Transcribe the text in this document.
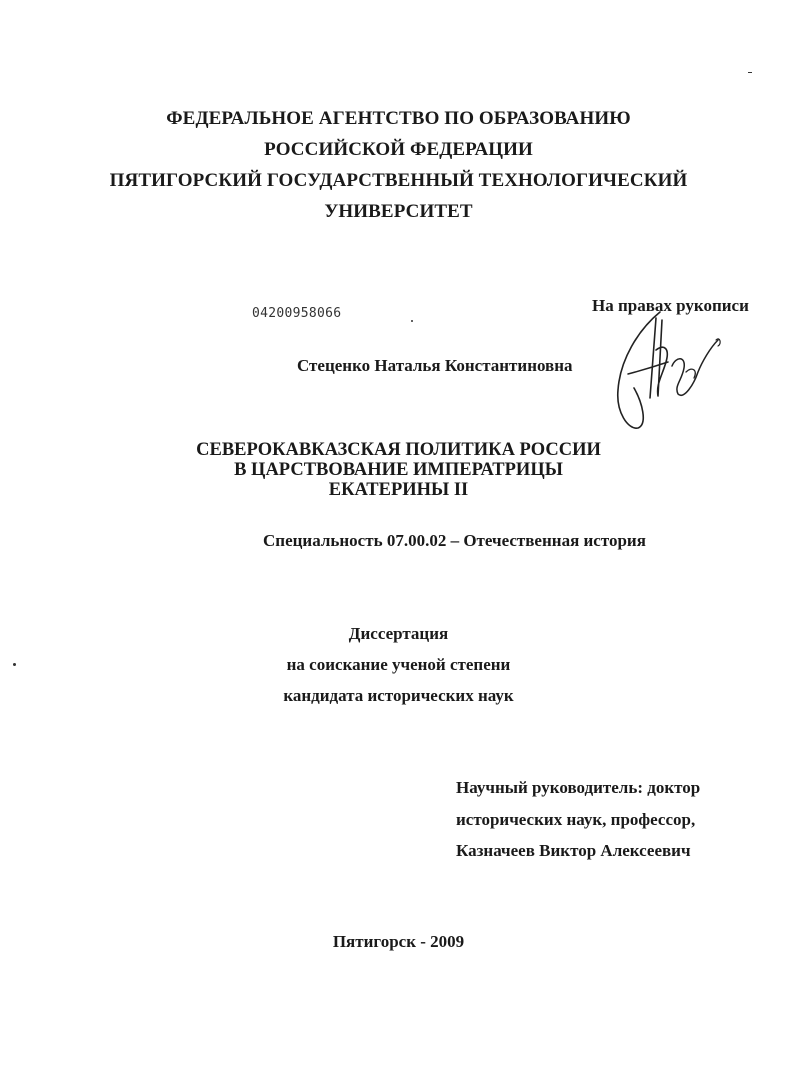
ФЕДЕРАЛЬНОЕ АГЕНТСТВО ПО ОБРАЗОВАНИЮ
РОССИЙСКОЙ ФЕДЕРАЦИИ
ПЯТИГОРСКИЙ ГОСУДАРСТВЕННЫЙ ТЕХНОЛОГИЧЕСКИЙ
УНИВЕРСИТЕТ
04200958066	На правах рукописи
Стеценко Наталья Константиновна
СЕВЕРОКАВКАЗСКАЯ ПОЛИТИКА РОССИИ
В ЦАРСТВОВАНИЕ ИМПЕРАТРИЦЫ
ЕКАТЕРИНЫ II
Специальность 07.00.02 – Отечественная история
Диссертация
на соискание ученой степени
кандидата исторических наук
Научный руководитель: доктор
исторических наук, профессор,
Казначеев Виктор Алексеевич
Пятигорск - 2009
